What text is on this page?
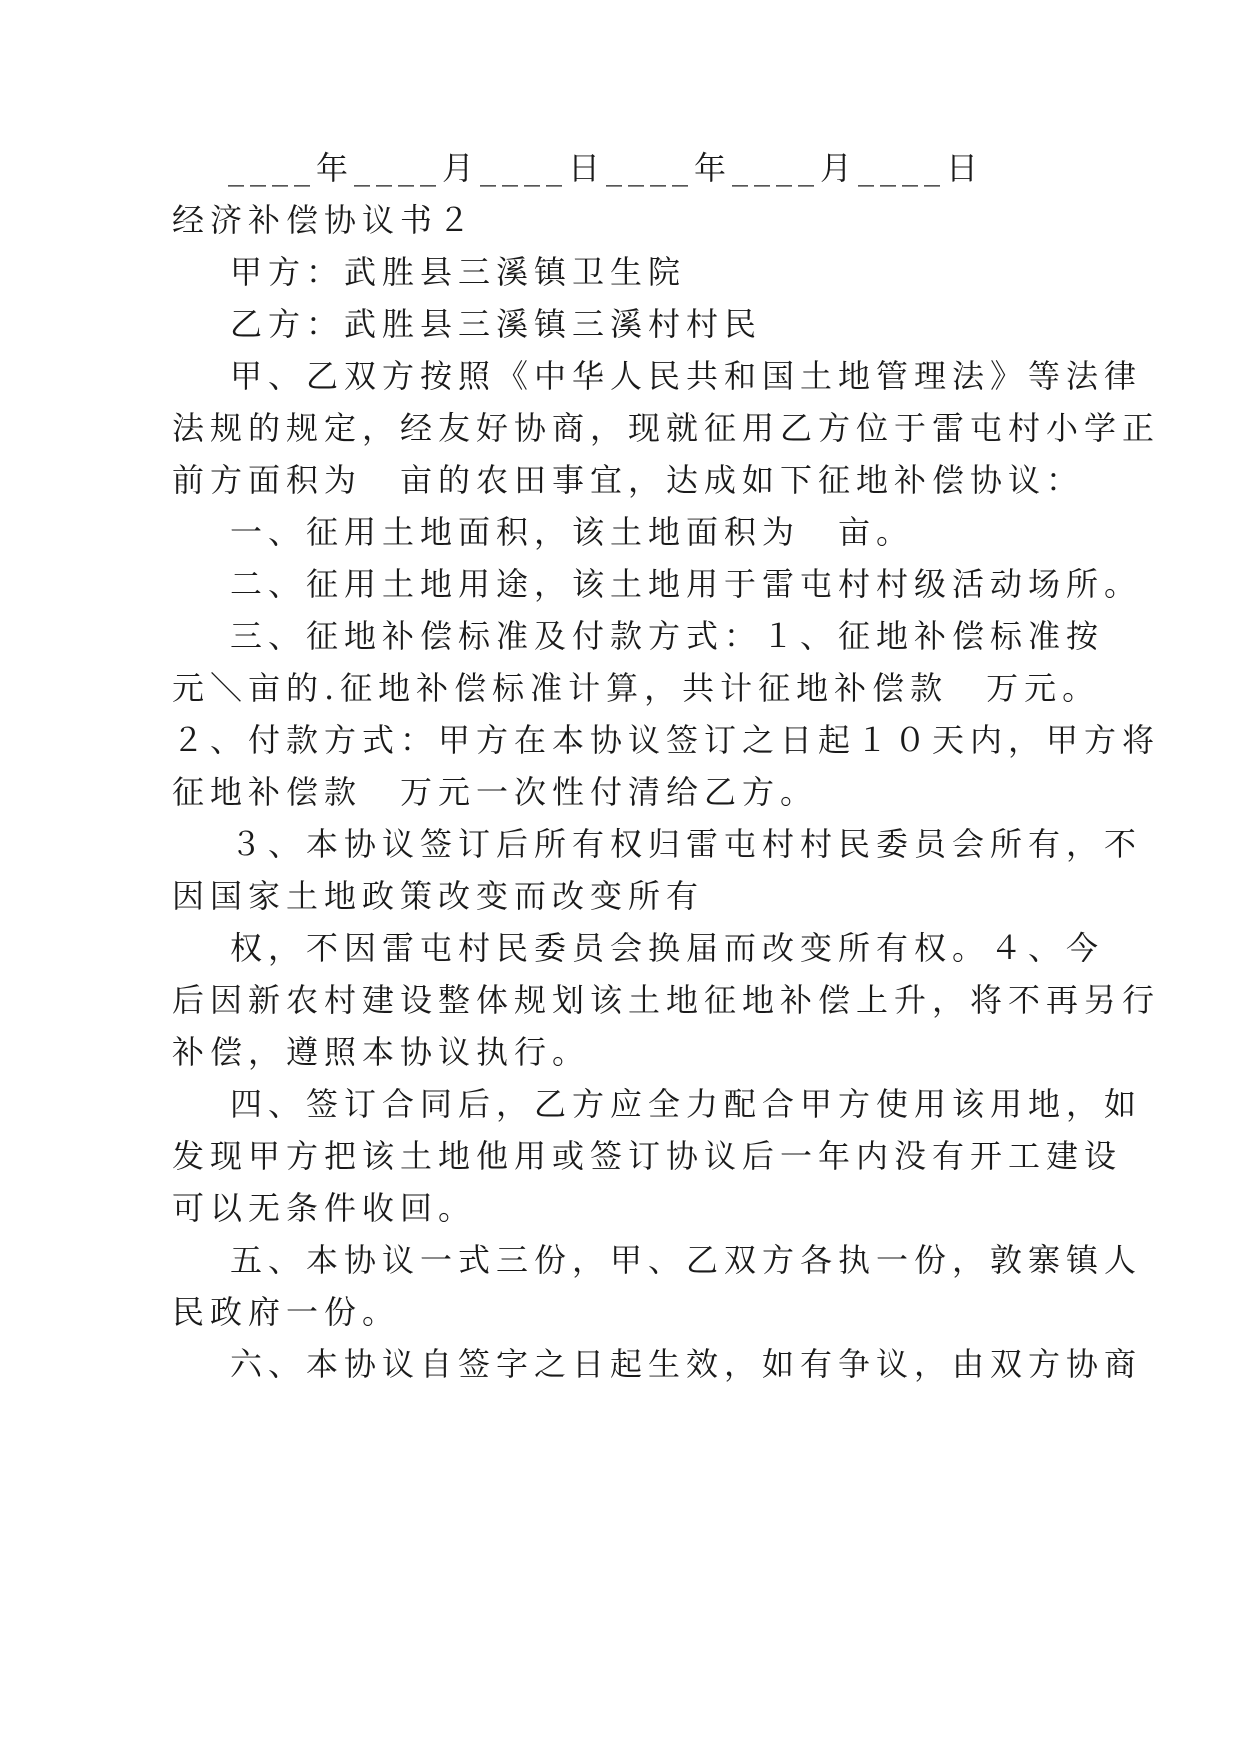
____年____月____日____年____月____日
经济补偿协议书２
甲方：武胜县三溪镇卫生院
乙方：武胜县三溪镇三溪村村民
甲、乙双方按照《中华人民共和国土地管理法》等法律
法规的规定，经友好协商，现就征用乙方位于雷屯村小学正
前方面积为　亩的农田事宜，达成如下征地补偿协议：
一、征用土地面积，该土地面积为　亩。
二、征用土地用途，该土地用于雷屯村村级活动场所。
三、征地补偿标准及付款方式：１、征地补偿标准按
元＼亩的.征地补偿标准计算，共计征地补偿款　万元。
２、付款方式：甲方在本协议签订之日起１０天内，甲方将
征地补偿款　万元一次性付清给乙方。
３、本协议签订后所有权归雷屯村村民委员会所有，不
因国家土地政策改变而改变所有
权，不因雷屯村民委员会换届而改变所有权。４、今
后因新农村建设整体规划该土地征地补偿上升，将不再另行
补偿，遵照本协议执行。
四、签订合同后，乙方应全力配合甲方使用该用地，如
发现甲方把该土地他用或签订协议后一年内没有开工建设
可以无条件收回。
五、本协议一式三份，甲、乙双方各执一份，敦寨镇人
民政府一份。
六、本协议自签字之日起生效，如有争议，由双方协商
